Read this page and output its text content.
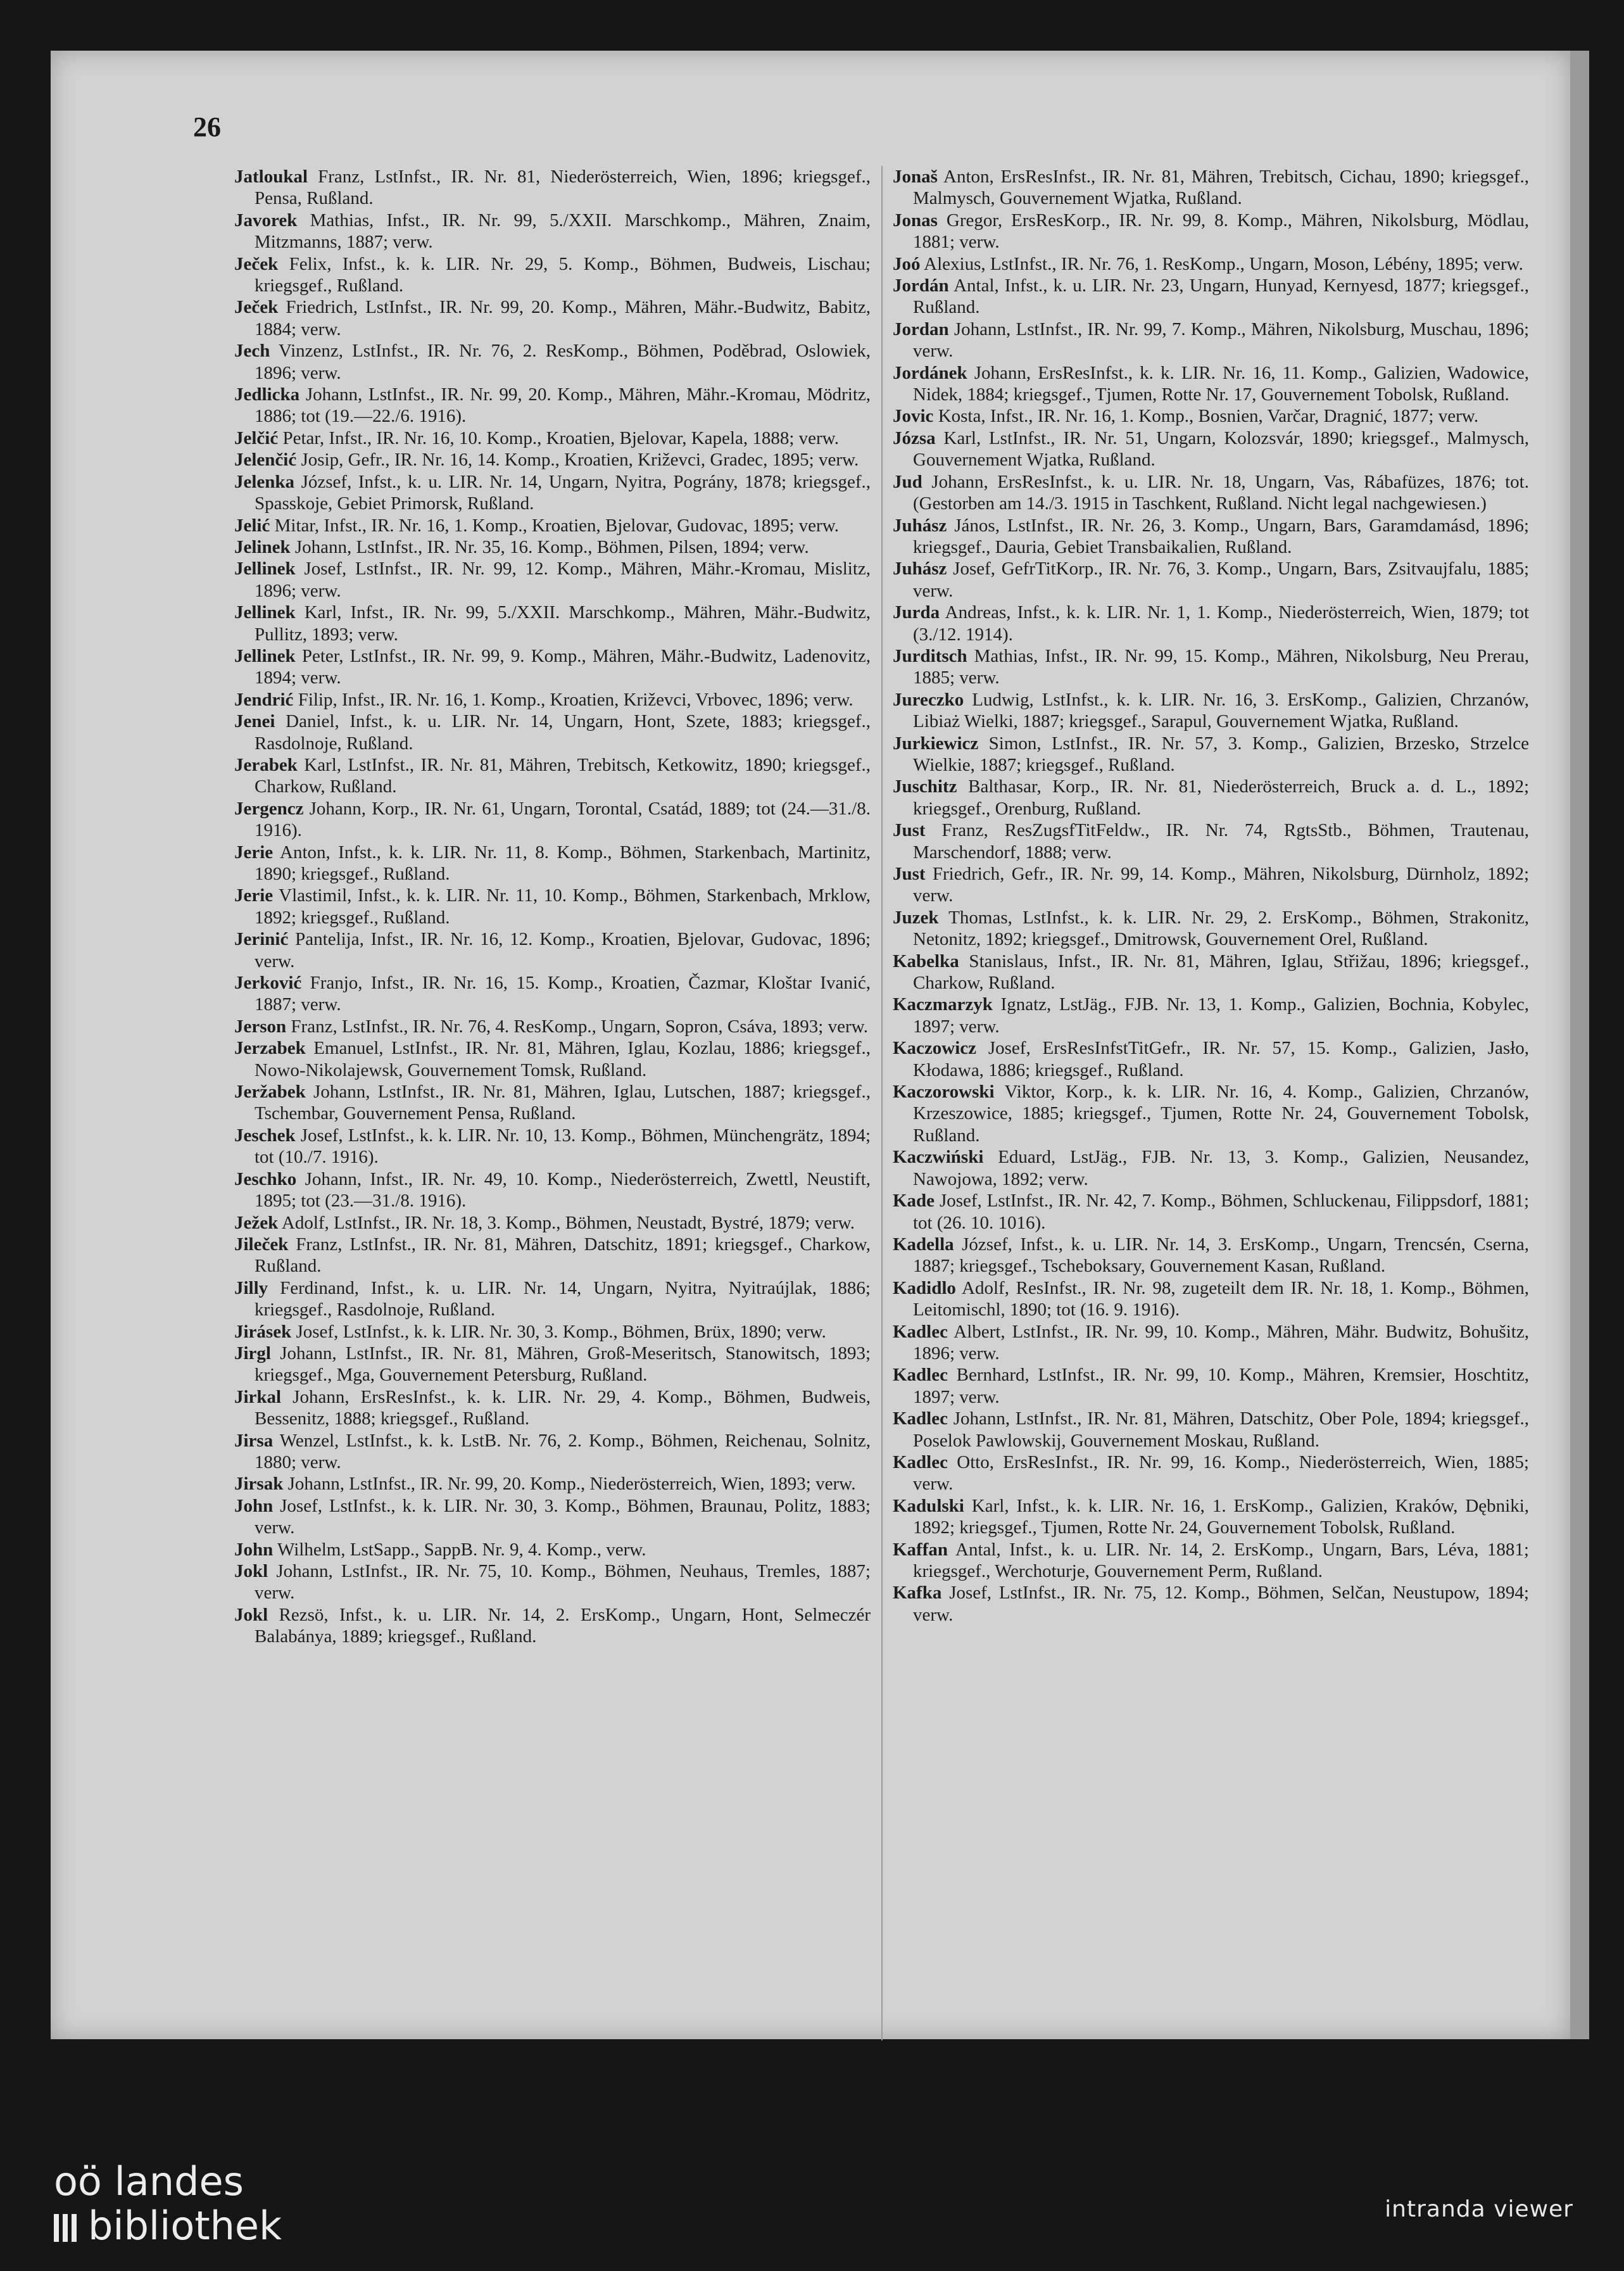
26

Jatloukal Franz, LstInfst., IR. Nr. 81, Niederösterreich, Wien, 1896; kriegsgef., Pensa, Rußland.

Javorek Mathias, Infst., IR. Nr. 99, 5./XXII. Marschkomp., Mähren, Znaim, Mitzmanns, 1887; verw.

Ječek Felix, Infst., k. k. LIR. Nr. 29, 5. Komp., Böhmen, Budweis, Lischau; kriegsgef., Rußland.

Ječek Friedrich, LstInfst., IR. Nr. 99, 20. Komp., Mähren, Mähr.-Budwitz, Babitz, 1884; verw.

Jech Vinzenz, LstInfst., IR. Nr. 76, 2. ResKomp., Böhmen, Poděbrad, Oslowiek, 1896; verw.

Jedlicka Johann, LstInfst., IR. Nr. 99, 20. Komp., Mähren, Mähr.-Kromau, Mödritz, 1886; tot (19.—22./6. 1916).

Jelčić Petar, Infst., IR. Nr. 16, 10. Komp., Kroatien, Bjelovar, Kapela, 1888; verw.

Jelenčić Josip, Gefr., IR. Nr. 16, 14. Komp., Kroatien, Križevci, Gradec, 1895; verw.

Jelenka József, Infst., k. u. LIR. Nr. 14, Ungarn, Nyitra, Pográny, 1878; kriegsgef., Spasskoje, Gebiet Primorsk, Rußland.

Jelić Mitar, Infst., IR. Nr. 16, 1. Komp., Kroatien, Bjelovar, Gudovac, 1895; verw.

Jelinek Johann, LstInfst., IR. Nr. 35, 16. Komp., Böhmen, Pilsen, 1894; verw.

Jellinek Josef, LstInfst., IR. Nr. 99, 12. Komp., Mähren, Mähr.-Kromau, Mislitz, 1896; verw.

Jellinek Karl, Infst., IR. Nr. 99, 5./XXII. Marschkomp., Mähren, Mähr.-Budwitz, Pullitz, 1893; verw.

Jellinek Peter, LstInfst., IR. Nr. 99, 9. Komp., Mähren, Mähr.-Budwitz, Ladenovitz, 1894; verw.

Jendrić Filip, Infst., IR. Nr. 16, 1. Komp., Kroatien, Križevci, Vrbovec, 1896; verw.

Jenei Daniel, Infst., k. u. LIR. Nr. 14, Ungarn, Hont, Szete, 1883; kriegsgef., Rasdolnoje, Rußland.

Jerabek Karl, LstInfst., IR. Nr. 81, Mähren, Trebitsch, Ketkowitz, 1890; kriegsgef., Charkow, Rußland.

Jergencz Johann, Korp., IR. Nr. 61, Ungarn, Torontal, Csatád, 1889; tot (24.—31./8. 1916).

Jerie Anton, Infst., k. k. LIR. Nr. 11, 8. Komp., Böhmen, Starkenbach, Martinitz, 1890; kriegsgef., Rußland.

Jerie Vlastimil, Infst., k. k. LIR. Nr. 11, 10. Komp., Böhmen, Starkenbach, Mrklow, 1892; kriegsgef., Rußland.

Jerinić Pantelija, Infst., IR. Nr. 16, 12. Komp., Kroatien, Bjelovar, Gudovac, 1896; verw.

Jerković Franjo, Infst., IR. Nr. 16, 15. Komp., Kroatien, Čazmar, Kloštar Ivanić, 1887; verw.

Jerson Franz, LstInfst., IR. Nr. 76, 4. ResKomp., Ungarn, Sopron, Csáva, 1893; verw.

Jerzabek Emanuel, LstInfst., IR. Nr. 81, Mähren, Iglau, Kozlau, 1886; kriegsgef., Nowo-Nikolajewsk, Gouvernement Tomsk, Rußland.

Jeržabek Johann, LstInfst., IR. Nr. 81, Mähren, Iglau, Lutschen, 1887; kriegsgef., Tschembar, Gouvernement Pensa, Rußland.

Jeschek Josef, LstInfst., k. k. LIR. Nr. 10, 13. Komp., Böhmen, Münchengrätz, 1894; tot (10./7. 1916).

Jeschko Johann, Infst., IR. Nr. 49, 10. Komp., Niederösterreich, Zwettl, Neustift, 1895; tot (23.—31./8. 1916).

Ježek Adolf, LstInfst., IR. Nr. 18, 3. Komp., Böhmen, Neustadt, Bystré, 1879; verw.

Jileček Franz, LstInfst., IR. Nr. 81, Mähren, Datschitz, 1891; kriegsgef., Charkow, Rußland.

Jilly Ferdinand, Infst., k. u. LIR. Nr. 14, Ungarn, Nyitra, Nyitraújlak, 1886; kriegsgef., Rasdolnoje, Rußland.

Jirásek Josef, LstInfst., k. k. LIR. Nr. 30, 3. Komp., Böhmen, Brüx, 1890; verw.

Jirgl Johann, LstInfst., IR. Nr. 81, Mähren, Groß-Meseritsch, Stanowitsch, 1893; kriegsgef., Mga, Gouvernement Petersburg, Rußland.

Jirkal Johann, ErsResInfst., k. k. LIR. Nr. 29, 4. Komp., Böhmen, Budweis, Bessenitz, 1888; kriegsgef., Rußland.

Jirsa Wenzel, LstInfst., k. k. LstB. Nr. 76, 2. Komp., Böhmen, Reichenau, Solnitz, 1880; verw.

Jirsak Johann, LstInfst., IR. Nr. 99, 20. Komp., Niederösterreich, Wien, 1893; verw.

John Josef, LstInfst., k. k. LIR. Nr. 30, 3. Komp., Böhmen, Braunau, Politz, 1883; verw.

John Wilhelm, LstSapp., SappB. Nr. 9, 4. Komp., verw.

Jokl Johann, LstInfst., IR. Nr. 75, 10. Komp., Böhmen, Neuhaus, Tremles, 1887; verw.

Jokl Rezsö, Infst., k. u. LIR. Nr. 14, 2. ErsKomp., Ungarn, Hont, Selmeczér Balabánya, 1889; kriegsgef., Rußland.

Jonaš Anton, ErsResInfst., IR. Nr. 81, Mähren, Trebitsch, Cichau, 1890; kriegsgef., Malmysch, Gouvernement Wjatka, Rußland.

Jonas Gregor, ErsResKorp., IR. Nr. 99, 8. Komp., Mähren, Nikolsburg, Mödlau, 1881; verw.

Joó Alexius, LstInfst., IR. Nr. 76, 1. ResKomp., Ungarn, Moson, Lébény, 1895; verw.

Jordán Antal, Infst., k. u. LIR. Nr. 23, Ungarn, Hunyad, Kernyesd, 1877; kriegsgef., Rußland.

Jordan Johann, LstInfst., IR. Nr. 99, 7. Komp., Mähren, Nikolsburg, Muschau, 1896; verw.

Jordánek Johann, ErsResInfst., k. k. LIR. Nr. 16, 11. Komp., Galizien, Wadowice, Nidek, 1884; kriegsgef., Tjumen, Rotte Nr. 17, Gouvernement Tobolsk, Rußland.

Jovic Kosta, Infst., IR. Nr. 16, 1. Komp., Bosnien, Varčar, Dragnić, 1877; verw.

Józsa Karl, LstInfst., IR. Nr. 51, Ungarn, Kolozsvár, 1890; kriegsgef., Malmysch, Gouvernement Wjatka, Rußland.

Jud Johann, ErsResInfst., k. u. LIR. Nr. 18, Ungarn, Vas, Rábafüzes, 1876; tot. (Gestorben am 14./3. 1915 in Taschkent, Rußland. Nicht legal nachgewiesen.)

Juhász János, LstInfst., IR. Nr. 26, 3. Komp., Ungarn, Bars, Garamdamásd, 1896; kriegsgef., Dauria, Gebiet Transbaikalien, Rußland.

Juhász Josef, GefrTitKorp., IR. Nr. 76, 3. Komp., Ungarn, Bars, Zsitvaujfalu, 1885; verw.

Jurda Andreas, Infst., k. k. LIR. Nr. 1, 1. Komp., Niederösterreich, Wien, 1879; tot (3./12. 1914).

Jurditsch Mathias, Infst., IR. Nr. 99, 15. Komp., Mähren, Nikolsburg, Neu Prerau, 1885; verw.

Jureczko Ludwig, LstInfst., k. k. LIR. Nr. 16, 3. ErsKomp., Galizien, Chrzanów, Libiaż Wielki, 1887; kriegsgef., Sarapul, Gouvernement Wjatka, Rußland.

Jurkiewicz Simon, LstInfst., IR. Nr. 57, 3. Komp., Galizien, Brzesko, Strzelce Wielkie, 1887; kriegsgef., Rußland.

Juschitz Balthasar, Korp., IR. Nr. 81, Niederösterreich, Bruck a. d. L., 1892; kriegsgef., Orenburg, Rußland.

Just Franz, ResZugsfTitFeldw., IR. Nr. 74, RgtsStb., Böhmen, Trautenau, Marschendorf, 1888; verw.

Just Friedrich, Gefr., IR. Nr. 99, 14. Komp., Mähren, Nikolsburg, Dürnholz, 1892; verw.

Juzek Thomas, LstInfst., k. k. LIR. Nr. 29, 2. ErsKomp., Böhmen, Strakonitz, Netonitz, 1892; kriegsgef., Dmitrowsk, Gouvernement Orel, Rußland.

Kabelka Stanislaus, Infst., IR. Nr. 81, Mähren, Iglau, Střižau, 1896; kriegsgef., Charkow, Rußland.

Kaczmarzyk Ignatz, LstJäg., FJB. Nr. 13, 1. Komp., Galizien, Bochnia, Kobylec, 1897; verw.

Kaczowicz Josef, ErsResInfstTitGefr., IR. Nr. 57, 15. Komp., Galizien, Jasło, Kłodawa, 1886; kriegsgef., Rußland.

Kaczorowski Viktor, Korp., k. k. LIR. Nr. 16, 4. Komp., Galizien, Chrzanów, Krzeszowice, 1885; kriegsgef., Tjumen, Rotte Nr. 24, Gouvernement Tobolsk, Rußland.

Kaczwiński Eduard, LstJäg., FJB. Nr. 13, 3. Komp., Galizien, Neusandez, Nawojowa, 1892; verw.

Kade Josef, LstInfst., IR. Nr. 42, 7. Komp., Böhmen, Schluckenau, Filippsdorf, 1881; tot (26. 10. 1016).

Kadella József, Infst., k. u. LIR. Nr. 14, 3. ErsKomp., Ungarn, Trencsén, Cserna, 1887; kriegsgef., Tscheboksary, Gouvernement Kasan, Rußland.

Kadidlo Adolf, ResInfst., IR. Nr. 98, zugeteilt dem IR. Nr. 18, 1. Komp., Böhmen, Leitomischl, 1890; tot (16. 9. 1916).

Kadlec Albert, LstInfst., IR. Nr. 99, 10. Komp., Mähren, Mähr. Budwitz, Bohušitz, 1896; verw.

Kadlec Bernhard, LstInfst., IR. Nr. 99, 10. Komp., Mähren, Kremsier, Hoschtitz, 1897; verw.

Kadlec Johann, LstInfst., IR. Nr. 81, Mähren, Datschitz, Ober Pole, 1894; kriegsgef., Poselok Pawlowskij, Gouvernement Moskau, Rußland.

Kadlec Otto, ErsResInfst., IR. Nr. 99, 16. Komp., Niederösterreich, Wien, 1885; verw.

Kadulski Karl, Infst., k. k. LIR. Nr. 16, 1. ErsKomp., Galizien, Kraków, Dębniki, 1892; kriegsgef., Tjumen, Rotte Nr. 24, Gouvernement Tobolsk, Rußland.

Kaffan Antal, Infst., k. u. LIR. Nr. 14, 2. ErsKomp., Ungarn, Bars, Léva, 1881; kriegsgef., Werchoturje, Gouvernement Perm, Rußland.

Kafka Josef, LstInfst., IR. Nr. 75, 12. Komp., Böhmen, Selčan, Neustupow, 1894; verw.

oö landes
bibliothek	intranda viewer
